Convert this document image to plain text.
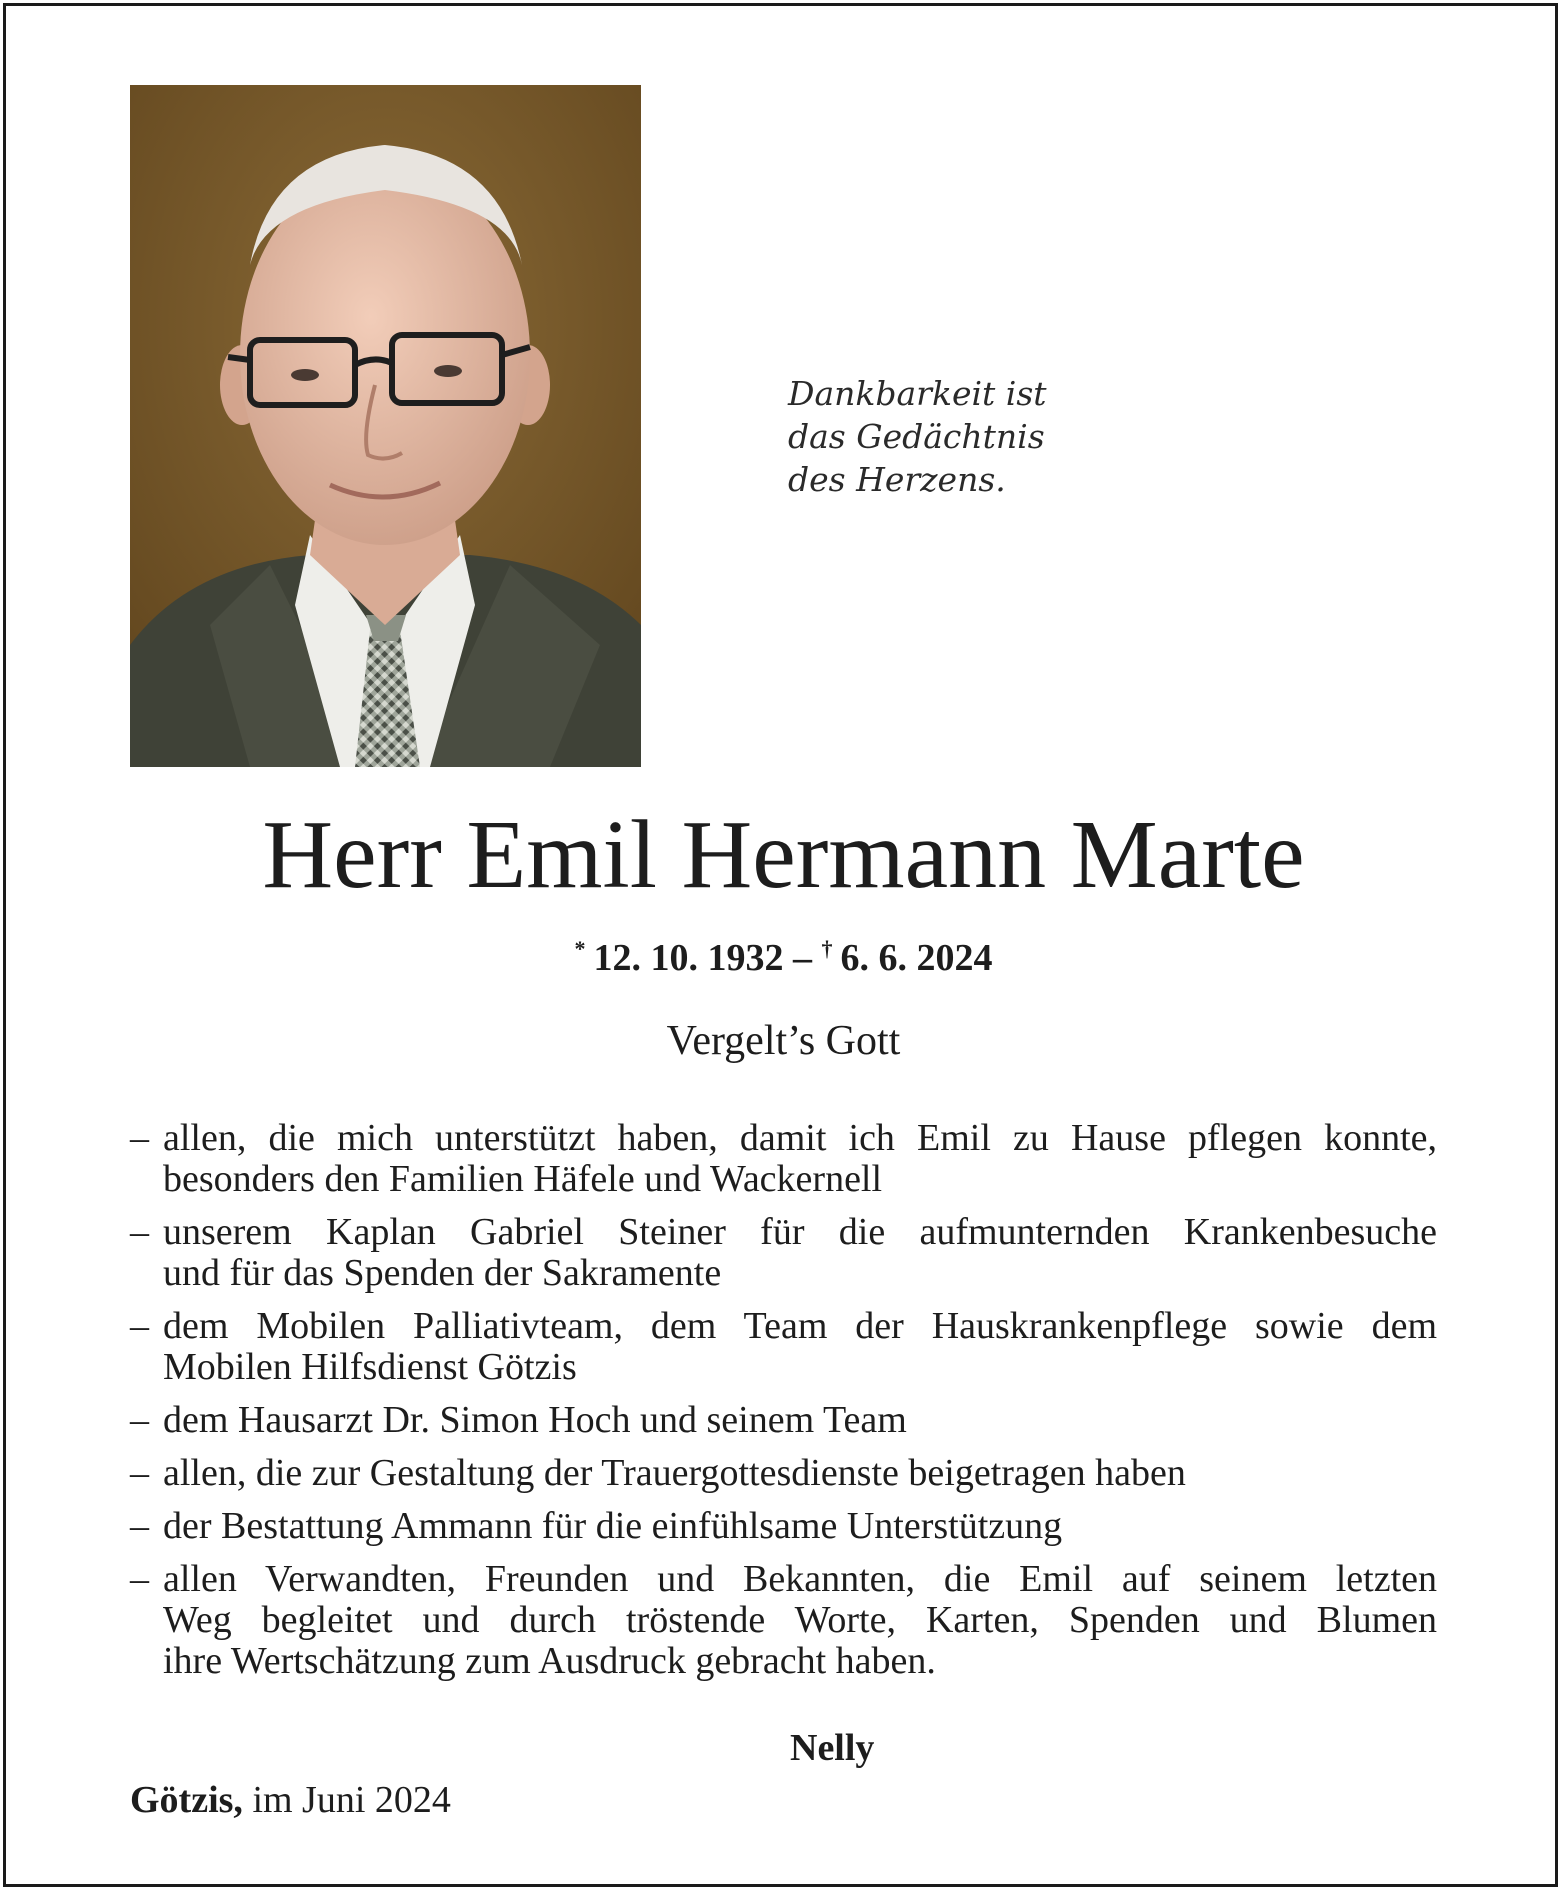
Dankbarkeit ist
das Gedächtnis
des Herzens.
Herr Emil Hermann Marte
* 12. 10. 1932 – † 6. 6. 2024
Vergelt’s Gott
– allen, die mich unterstützt haben, damit ich Emil zu Hause pflegen konnte,
besonders den Familien Häfele und Wackernell
– unserem Kaplan Gabriel Steiner für die aufmunternden Krankenbesuche
und für das Spenden der Sakramente
– dem Mobilen Palliativteam, dem Team der Hauskrankenpflege sowie dem
Mobilen Hilfsdienst Götzis
– dem Hausarzt Dr. Simon Hoch und seinem Team
– allen, die zur Gestaltung der Trauergottesdienste beigetragen haben
– der Bestattung Ammann für die einfühlsame Unterstützung
– allen Verwandten, Freunden und Bekannten, die Emil auf seinem letzten
Weg begleitet und durch tröstende Worte, Karten, Spenden und Blumen
ihre Wertschätzung zum Ausdruck gebracht haben.
Nelly
Götzis, im Juni 2024
